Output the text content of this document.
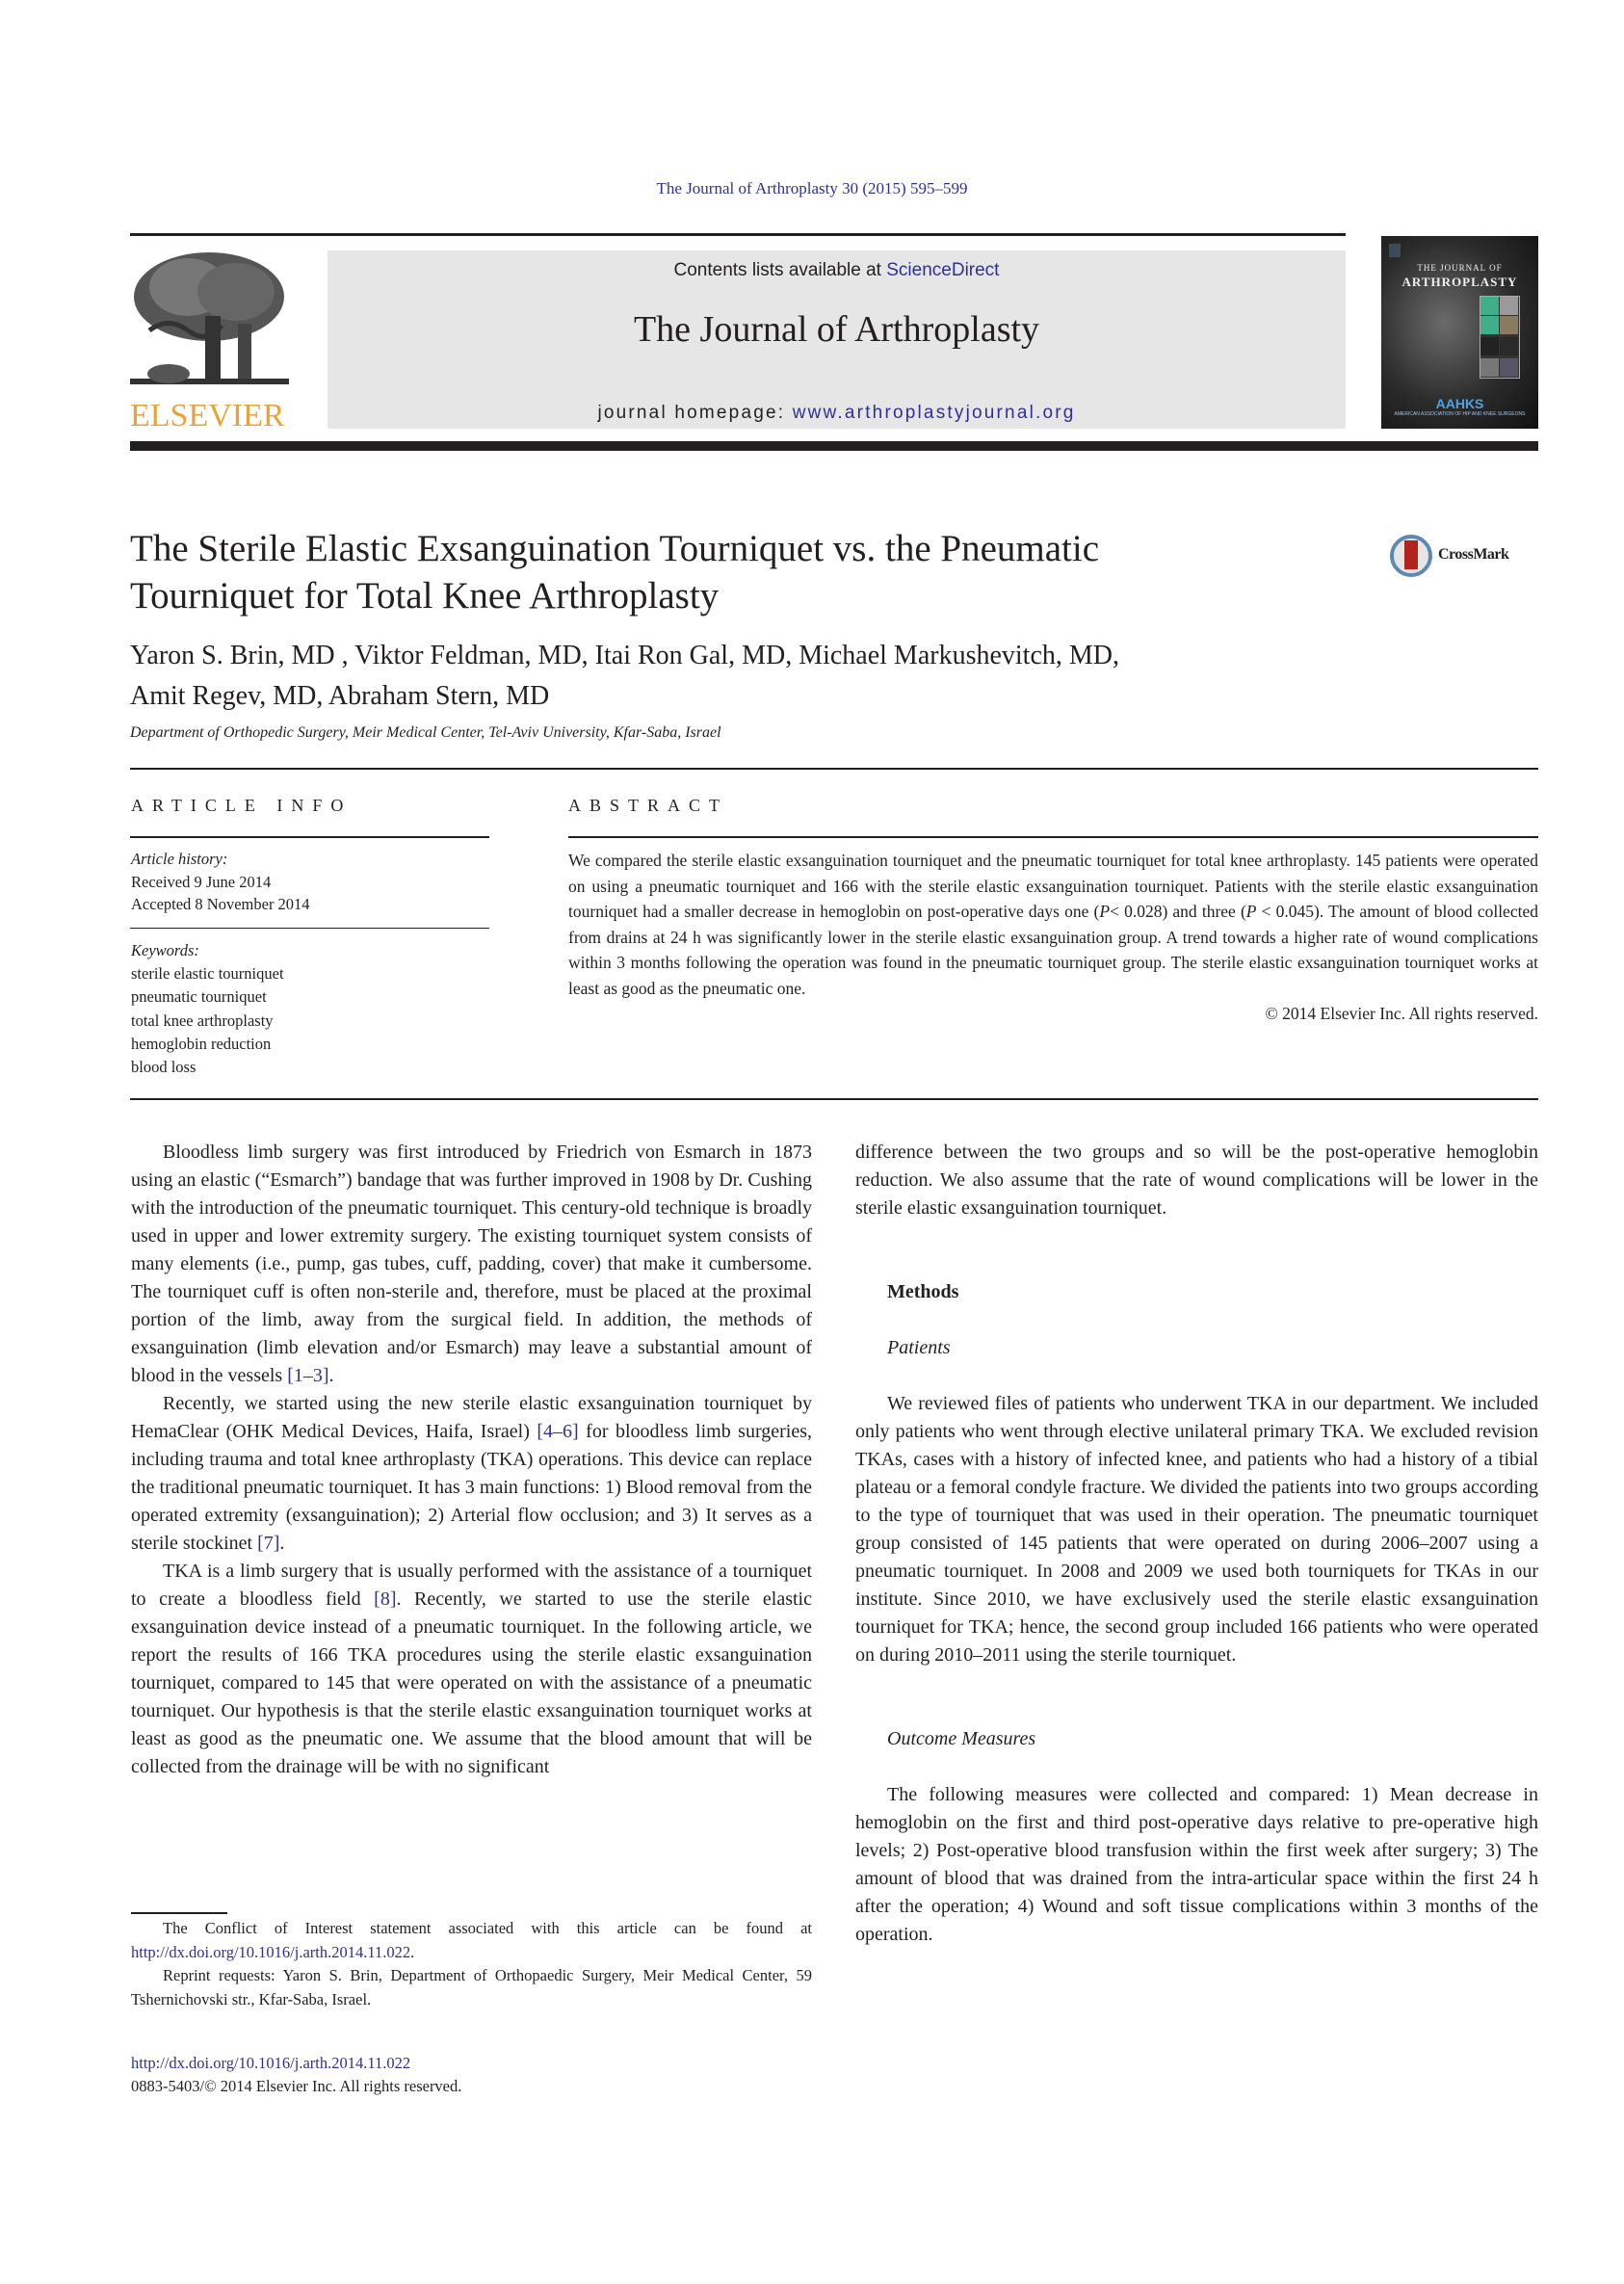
The Journal of Arthroplasty 30 (2015) 595–599
ELSEVIER
Contents lists available at ScienceDirect
The Journal of Arthroplasty
journal homepage: www.arthroplastyjournal.org
THE JOURNAL OF
ARTHROPLASTY
AAHKS
AMERICAN ASSOCIATION OF HIP AND KNEE SURGEONS
The Sterile Elastic Exsanguination Tourniquet vs. the Pneumatic Tourniquet for Total Knee Arthroplasty
CrossMark
Yaron S. Brin, MD , Viktor Feldman, MD, Itai Ron Gal, MD, Michael Markushevitch, MD,
Amit Regev, MD, Abraham Stern, MD
Department of Orthopedic Surgery, Meir Medical Center, Tel-Aviv University, Kfar-Saba, Israel
ARTICLE INFO
Article history:
Received 9 June 2014
Accepted 8 November 2014
Keywords:
sterile elastic tourniquet
pneumatic tourniquet
total knee arthroplasty
hemoglobin reduction
blood loss
ABSTRACT
We compared the sterile elastic exsanguination tourniquet and the pneumatic tourniquet for total knee arthroplasty. 145 patients were operated on using a pneumatic tourniquet and 166 with the sterile elastic exsanguination tourniquet. Patients with the sterile elastic exsanguination tourniquet had a smaller decrease in hemoglobin on post-operative days one (P< 0.028) and three (P < 0.045). The amount of blood collected from drains at 24 h was significantly lower in the sterile elastic exsanguination group. A trend towards a higher rate of wound complications within 3 months following the operation was found in the pneumatic tourniquet group. The sterile elastic exsanguination tourniquet works at least as good as the pneumatic one.
© 2014 Elsevier Inc. All rights reserved.

Bloodless limb surgery was first introduced by Friedrich von Esmarch in 1873 using an elastic (“Esmarch”) bandage that was further improved in 1908 by Dr. Cushing with the introduction of the pneumatic tourniquet. This century-old technique is broadly used in upper and lower extremity surgery. The existing tourniquet system consists of many elements (i.e., pump, gas tubes, cuff, padding, cover) that make it cumbersome. The tourniquet cuff is often non-sterile and, therefore, must be placed at the proximal portion of the limb, away from the surgical field. In addition, the methods of exsanguination (limb elevation and/or Esmarch) may leave a substantial amount of blood in the vessels [1–3].

Recently, we started using the new sterile elastic exsanguination tourniquet by HemaClear (OHK Medical Devices, Haifa, Israel) [4–6] for bloodless limb surgeries, including trauma and total knee arthroplasty (TKA) operations. This device can replace the traditional pneumatic tourniquet. It has 3 main functions: 1) Blood removal from the operated extremity (exsanguination); 2) Arterial flow occlusion; and 3) It serves as a sterile stockinet [7].

TKA is a limb surgery that is usually performed with the assistance of a tourniquet to create a bloodless field [8]. Recently, we started to use the sterile elastic exsanguination device instead of a pneumatic tourniquet. In the following article, we report the results of 166 TKA procedures using the sterile elastic exsanguination tourniquet, compared to 145 that were operated on with the assistance of a pneumatic tourniquet. Our hypothesis is that the sterile elastic exsanguination tourniquet works at least as good as the pneumatic one. We assume that the blood amount that will be collected from the drainage will be with no significant

difference between the two groups and so will be the post-operative hemoglobin reduction. We also assume that the rate of wound complications will be lower in the sterile elastic exsanguination tourniquet.

Methods

Patients

We reviewed files of patients who underwent TKA in our department. We included only patients who went through elective unilateral primary TKA. We excluded revision TKAs, cases with a history of infected knee, and patients who had a history of a tibial plateau or a femoral condyle fracture. We divided the patients into two groups according to the type of tourniquet that was used in their operation. The pneumatic tourniquet group consisted of 145 patients that were operated on during 2006–2007 using a pneumatic tourniquet. In 2008 and 2009 we used both tourniquets for TKAs in our institute. Since 2010, we have exclusively used the sterile elastic exsanguination tourniquet for TKA; hence, the second group included 166 patients who were operated on during 2010–2011 using the sterile tourniquet.

Outcome Measures

The following measures were collected and compared: 1) Mean decrease in hemoglobin on the first and third post-operative days relative to pre-operative high levels; 2) Post-operative blood transfusion within the first week after surgery; 3) The amount of blood that was drained from the intra-articular space within the first 24 h after the operation; 4) Wound and soft tissue complications within 3 months of the operation.

The Conflict of Interest statement associated with this article can be found at http://dx.doi.org/10.1016/j.arth.2014.11.022.

Reprint requests: Yaron S. Brin, Department of Orthopaedic Surgery, Meir Medical Center, 59 Tshernichovski str., Kfar-Saba, Israel.

http://dx.doi.org/10.1016/j.arth.2014.11.022
0883-5403/© 2014 Elsevier Inc. All rights reserved.
